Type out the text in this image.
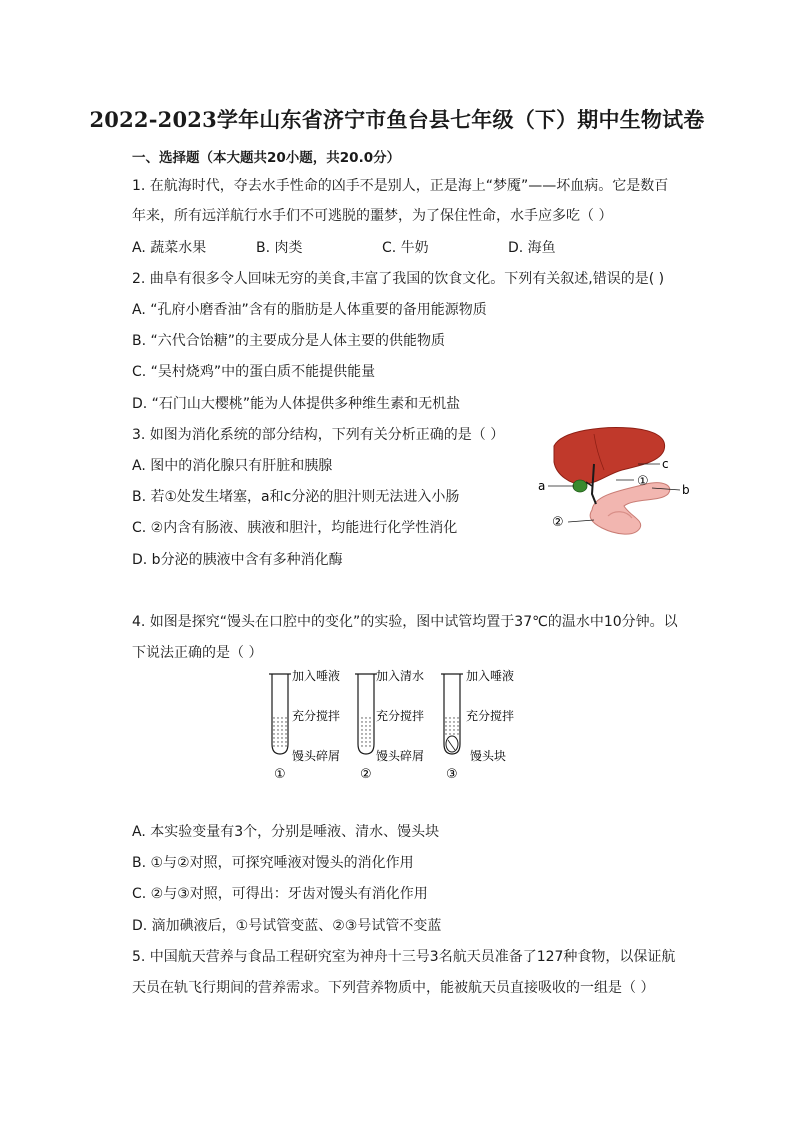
2022-2023学年山东省济宁市鱼台县七年级（下）期中生物试卷
一、选择题（本大题共20小题，共20.0分）
1. 在航海时代，夺去水手性命的凶手不是别人，正是海上“梦魇”——坏血病。它是数百
年来，所有远洋航行水手们不可逃脱的噩梦，为了保住性命，水手应多吃（ ）
A. 蔬菜水果	B. 肉类	C. 牛奶	D. 海鱼
2. 曲阜有很多令人回味无穷的美食,丰富了我国的饮食文化。下列有关叙述,错误的是( )
A. “孔府小磨香油”含有的脂肪是人体重要的备用能源物质
B. “六代合饴糖”的主要成分是人体主要的供能物质
C. “吴村烧鸡”中的蛋白质不能提供能量
D. “石门山大樱桃”能为人体提供多种维生素和无机盐
3. 如图为消化系统的部分结构，下列有关分析正确的是（ ）
A. 图中的消化腺只有肝脏和胰腺
B. 若①处发生堵塞，a和c分泌的胆汁则无法进入小肠
C. ②内含有肠液、胰液和胆汁，均能进行化学性消化
D. b分泌的胰液中含有多种消化酶
a
c
①
b
②
4. 如图是探究“馒头在口腔中的变化”的实验，图中试管均置于37℃的温水中10分钟。以
下说法正确的是（ ）
加入唾液
充分搅拌
馒头碎屑
①
加入清水
充分搅拌
馒头碎屑
②
加入唾液
充分搅拌
馒头块
③
A. 本实验变量有3个，分别是唾液、清水、馒头块
B. ①与②对照，可探究唾液对馒头的消化作用
C. ②与③对照，可得出：牙齿对馒头有消化作用
D. 滴加碘液后，①号试管变蓝、②③号试管不变蓝
5. 中国航天营养与食品工程研究室为神舟十三号3名航天员准备了127种食物，以保证航
天员在轨飞行期间的营养需求。下列营养物质中，能被航天员直接吸收的一组是（ ）
